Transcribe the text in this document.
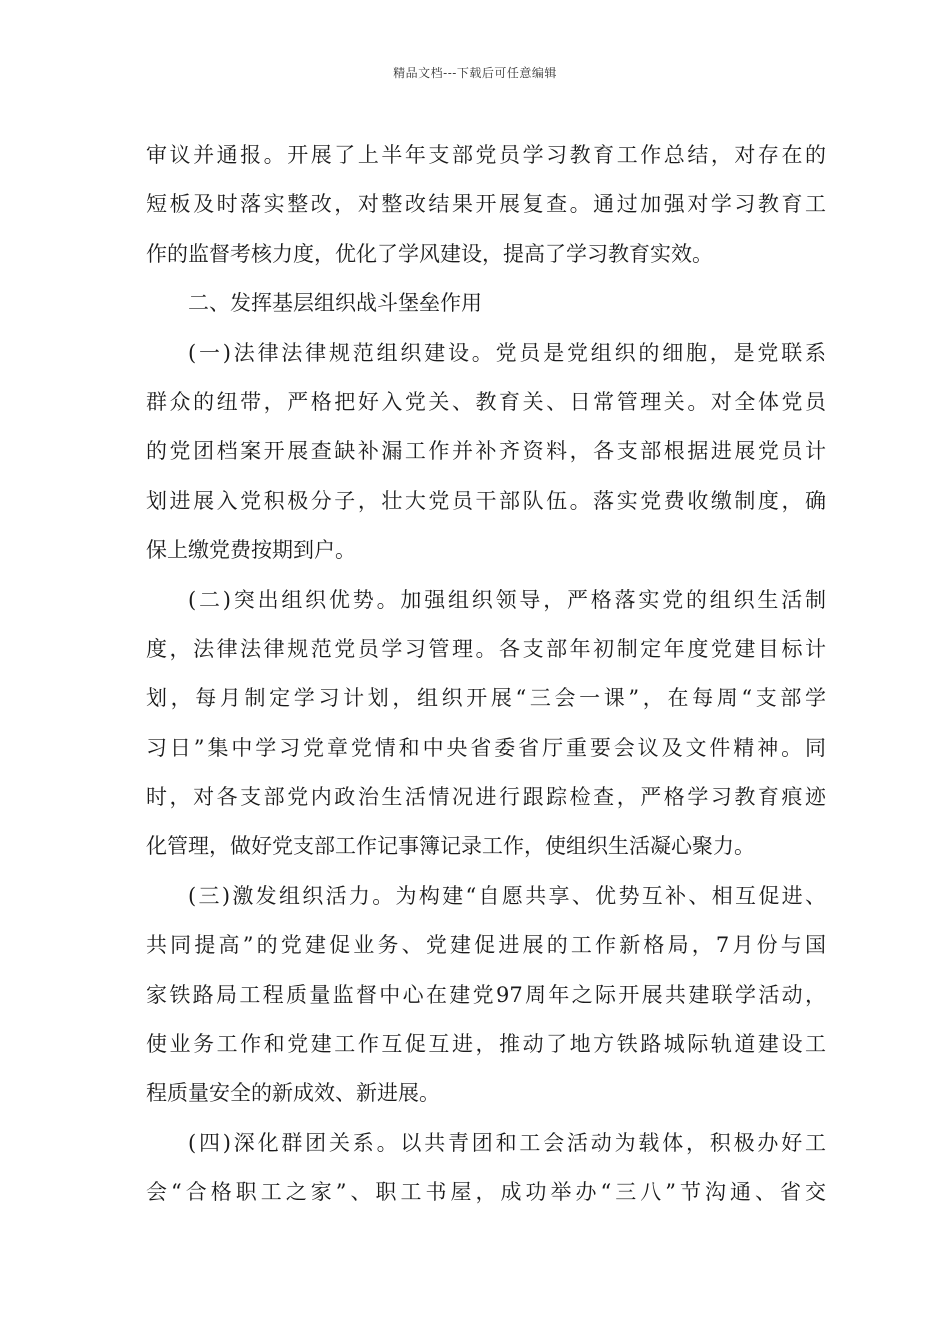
精品文档---下载后可任意编辑
审议并通报。开展了上半年支部党员学习教育工作总结，对存在的
短板及时落实整改，对整改结果开展复查。通过加强对学习教育工
作的监督考核力度，优化了学风建设，提高了学习教育实效。
二、发挥基层组织战斗堡垒作用
(一)法律法律规范组织建设。党员是党组织的细胞，是党联系
群众的纽带，严格把好入党关、教育关、日常管理关。对全体党员
的党团档案开展查缺补漏工作并补齐资料，各支部根据进展党员计
划进展入党积极分子，壮大党员干部队伍。落实党费收缴制度，确
保上缴党费按期到户。
(二)突出组织优势。加强组织领导，严格落实党的组织生活制
度，法律法律规范党员学习管理。各支部年初制定年度党建目标计
划，每月制定学习计划，组织开展“三会一课”，在每周“支部学
习日”集中学习党章党情和中央省委省厅重要会议及文件精神。同
时，对各支部党内政治生活情况进行跟踪检查，严格学习教育痕迹
化管理，做好党支部工作记事簿记录工作，使组织生活凝心聚力。
(三)激发组织活力。为构建“自愿共享、优势互补、相互促进、
共同提高”的党建促业务、党建促进展的工作新格局，7月份与国
家铁路局工程质量监督中心在建党97周年之际开展共建联学活动，
使业务工作和党建工作互促互进，推动了地方铁路城际轨道建设工
程质量安全的新成效、新进展。
(四)深化群团关系。以共青团和工会活动为载体，积极办好工
会“合格职工之家”、职工书屋，成功举办“三八”节沟通、省交
